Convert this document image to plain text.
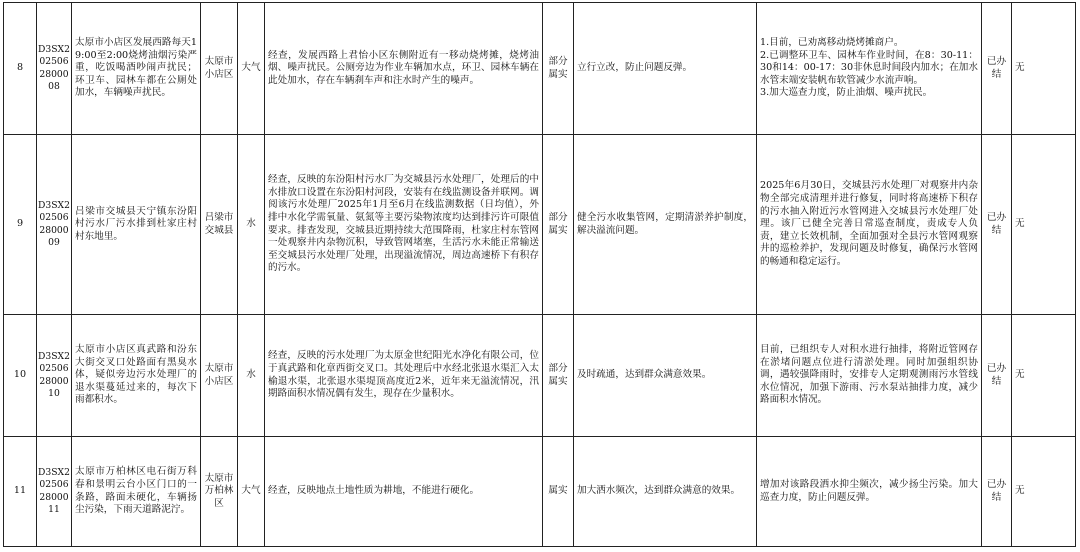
8	D3SX2025062800008	太原市小店区发展西路每天19:00至2:00烧烤油烟污染严重，吃饭喝酒吵闹声扰民；环卫车、园林车都在公厕处加水，车辆噪声扰民。	太原市小店区	大气	经查，发展西路上君怡小区东侧附近有一移动烧烤摊，烧烤油烟、噪声扰民。公厕旁边为作业车辆加水点，环卫、园林车辆在此处加水，存在车辆刹车声和注水时产生的噪声。	部分属实	立行立改，防止问题反弹。	1.目前，已劝离移动烧烤摊商户。
2.已调整环卫车、园林车作业时间，在8：30-11：30和14：00-17：30非休息时间段内加水；在加水水管末端安装帆布软管减少水流声响。
3.加大巡查力度，防止油烟、噪声扰民。	已办结	无
9	D3SX2025062800009	吕梁市交城县天宁镇东汾阳村污水厂污水排到杜家庄村村东地里。	吕梁市交城县	水	经查，反映的东汾阳村污水厂为交城县污水处理厂，处理后的中水排放口设置在东汾阳村河段，安装有在线监测设备并联网。调阅该污水处理厂2025年1月至6月在线监测数据（日均值），外排中水化学需氧量、氨氮等主要污染物浓度均达到排污许可限值要求。排查发现，交城县近期持续大范围降雨，杜家庄村东管网一处观察井内杂物沉积，导致管网堵塞，生活污水未能正常输送至交城县污水处理厂处理，出现溢流情况，周边高速桥下有积存的污水。	部分属实	健全污水收集管网，定期清淤养护制度，解决溢流问题。	2025年6月30日，交城县污水处理厂对观察井内杂物全部完成清理并进行修复，同时将高速桥下积存的污水抽入附近污水管网进入交城县污水处理厂处理。该厂已健全完善日常巡查制度，责成专人负责，建立长效机制，全面加强对全县污水管网观察井的巡检养护，发现问题及时修复，确保污水管网的畅通和稳定运行。	已办结	无
10	D3SX2025062800010	太原市小店区真武路和汾东大街交叉口处路面有黑臭水体，疑似旁边污水处理厂的退水渠蔓延过来的，每次下雨都积水。	太原市小店区	水	经查，反映的污水处理厂为太原金世纪阳光水净化有限公司，位于真武路和化章西街交叉口。其处理后中水经北张退水渠汇入太榆退水渠，北张退水渠堤顶高度近2米，近年来无溢流情况，汛期路面积水情况偶有发生，现存在少量积水。	部分属实	及时疏通，达到群众满意效果。	目前，已组织专人对积水进行抽排，将附近管网存在淤堵问题点位进行清淤处理。同时加强组织协调，遇较强降雨时，安排专人定期观测雨污水管线水位情况，加强下游雨、污水泵站抽排力度，减少路面积水情况。	已办结	无
11	D3SX2025062800011	太原市万柏林区电石街万科春和景明云台小区门口的一条路，路面未硬化，车辆扬尘污染，下雨天道路泥泞。	太原市万柏林区	大气	经查，反映地点土地性质为耕地，不能进行硬化。	属实	加大洒水频次，达到群众满意的效果。	增加对该路段洒水抑尘频次，减少扬尘污染。加大巡查力度，防止问题反弹。	已办结	无
